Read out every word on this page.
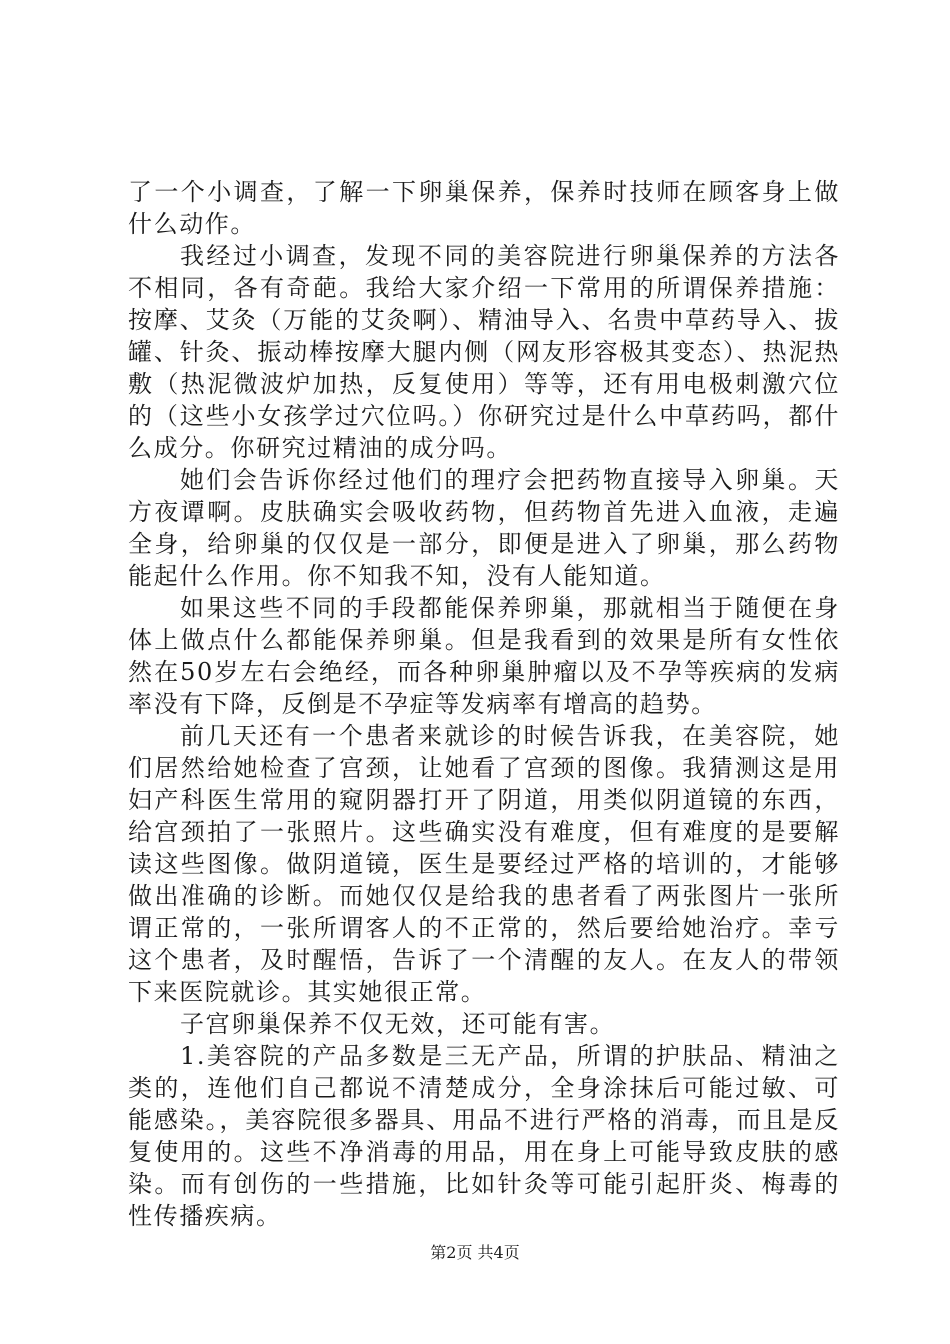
了一个小调查，了解一下卵巢保养，保养时技师在顾客身上做什么动作。

我经过小调查，发现不同的美容院进行卵巢保养的方法各不相同，各有奇葩。我给大家介绍一下常用的所谓保养措施：按摩、艾灸（万能的艾灸啊）、精油导入、名贵中草药导入、拔罐、针灸、振动棒按摩大腿内侧（网友形容极其变态）、热泥热敷（热泥微波炉加热，反复使用）等等，还有用电极刺激穴位的（这些小女孩学过穴位吗。）你研究过是什么中草药吗，都什么成分。你研究过精油的成分吗。

她们会告诉你经过他们的理疗会把药物直接导入卵巢。天方夜谭啊。皮肤确实会吸收药物，但药物首先进入血液，走遍全身，给卵巢的仅仅是一部分，即便是进入了卵巢，那么药物能起什么作用。你不知我不知，没有人能知道。

如果这些不同的手段都能保养卵巢，那就相当于随便在身体上做点什么都能保养卵巢。但是我看到的效果是所有女性依然在50岁左右会绝经，而各种卵巢肿瘤以及不孕等疾病的发病率没有下降，反倒是不孕症等发病率有增高的趋势。

前几天还有一个患者来就诊的时候告诉我，在美容院，她们居然给她检查了宫颈，让她看了宫颈的图像。我猜测这是用妇产科医生常用的窥阴器打开了阴道，用类似阴道镜的东西，给宫颈拍了一张照片。这些确实没有难度，但有难度的是要解读这些图像。做阴道镜，医生是要经过严格的培训的，才能够做出准确的诊断。而她仅仅是给我的患者看了两张图片一张所谓正常的，一张所谓客人的不正常的，然后要给她治疗。幸亏这个患者，及时醒悟，告诉了一个清醒的友人。在友人的带领下来医院就诊。其实她很正常。

子宫卵巢保养不仅无效，还可能有害。

1.美容院的产品多数是三无产品，所谓的护肤品、精油之类的，连他们自己都说不清楚成分，全身涂抹后可能过敏、可能感染。，美容院很多器具、用品不进行严格的消毒，而且是反复使用的。这些不净消毒的用品，用在身上可能导致皮肤的感染。而有创伤的一些措施，比如针灸等可能引起肝炎、梅毒的性传播疾病。

第2页 共4页
